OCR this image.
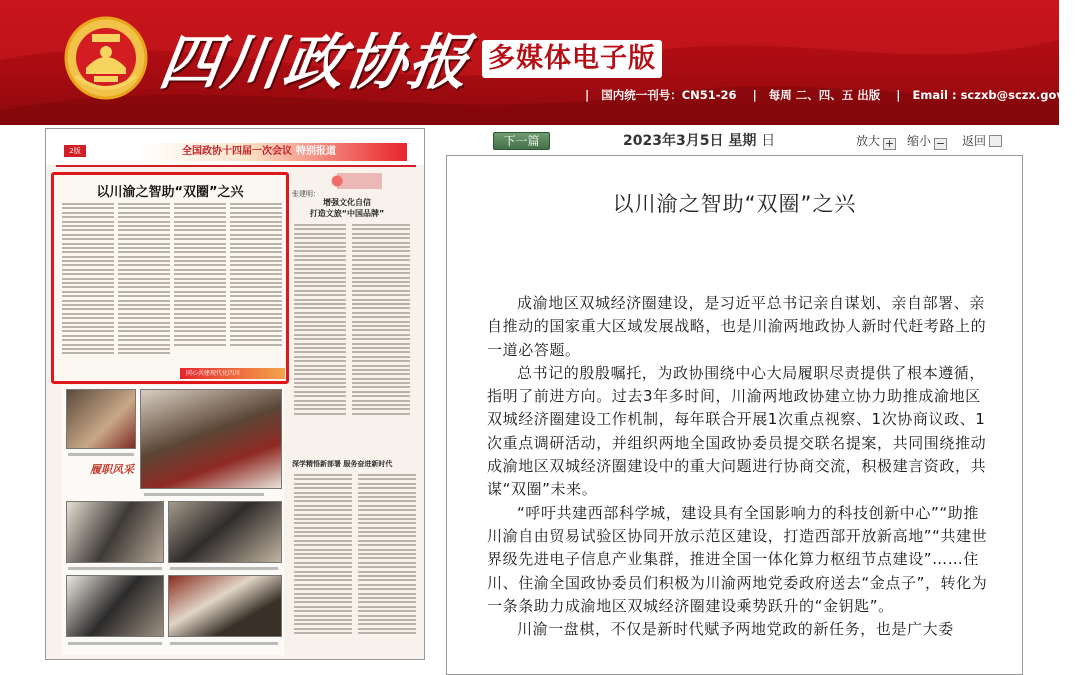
四川政协报 多媒体电子版
| 国内统一刊号：CN51-26 | 每周 二、四、五 出版 | Email : sczxb@sczx.gov.cn
2版	全国政协十四届一次会议 特别报道
以川渝之智助“双圈”之兴
同心共建现代化四川
张建明：
增强文化自信
打造文旅“中国品牌”
深学精悟新部署 服务奋进新时代
履职风采
下一篇	2023年3月5日 星期 日	放大 + 缩小 − 返回
以川渝之智助“双圈”之兴

成渝地区双城经济圈建设，是习近平总书记亲自谋划、亲自部署、亲自推动的国家重大区域发展战略，也是川渝两地政协人新时代赶考路上的一道必答题。

总书记的殷殷嘱托，为政协围绕中心大局履职尽责提供了根本遵循，指明了前进方向。过去3年多时间，川渝两地政协建立协力助推成渝地区双城经济圈建设工作机制，每年联合开展1次重点视察、1次协商议政、1次重点调研活动，并组织两地全国政协委员提交联名提案，共同围绕推动成渝地区双城经济圈建设中的重大问题进行协商交流，积极建言资政，共谋“双圈”未来。

“呼吁共建西部科学城，建设具有全国影响力的科技创新中心”“助推川渝自由贸易试验区协同开放示范区建设，打造西部开放新高地”“共建世界级先进电子信息产业集群，推进全国一体化算力枢纽节点建设”……住川、住渝全国政协委员们积极为川渝两地党委政府送去“金点子”，转化为一条条助力成渝地区双城经济圈建设乘势跃升的“金钥匙”。

川渝一盘棋，不仅是新时代赋予两地党政的新任务，也是广大委
